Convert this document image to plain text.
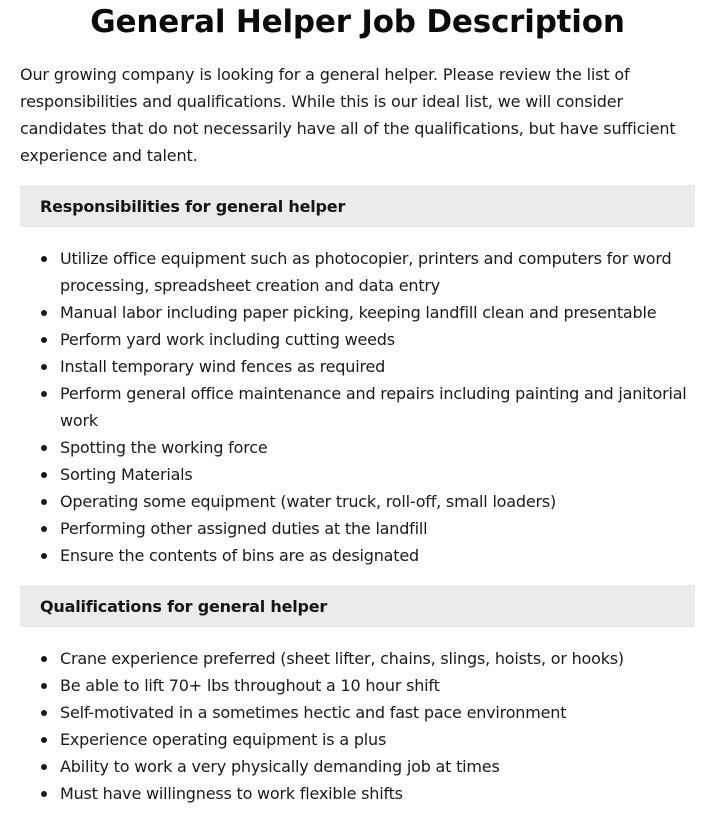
General Helper Job Description

Our growing company is looking for a general helper. Please review the list of responsibilities and qualifications. While this is our ideal list, we will consider candidates that do not necessarily have all of the qualifications, but have sufficient experience and talent.

Responsibilities for general helper
Utilize office equipment such as photocopier, printers and computers for word processing, spreadsheet creation and data entry
Manual labor including paper picking, keeping landfill clean and presentable
Perform yard work including cutting weeds
Install temporary wind fences as required
Perform general office maintenance and repairs including painting and janitorial work
Spotting the working force
Sorting Materials
Operating some equipment (water truck, roll-off, small loaders)
Performing other assigned duties at the landfill
Ensure the contents of bins are as designated
Qualifications for general helper
Crane experience preferred (sheet lifter, chains, slings, hoists, or hooks)
Be able to lift 70+ lbs throughout a 10 hour shift
Self-motivated in a sometimes hectic and fast pace environment
Experience operating equipment is a plus
Ability to work a very physically demanding job at times
Must have willingness to work flexible shifts
